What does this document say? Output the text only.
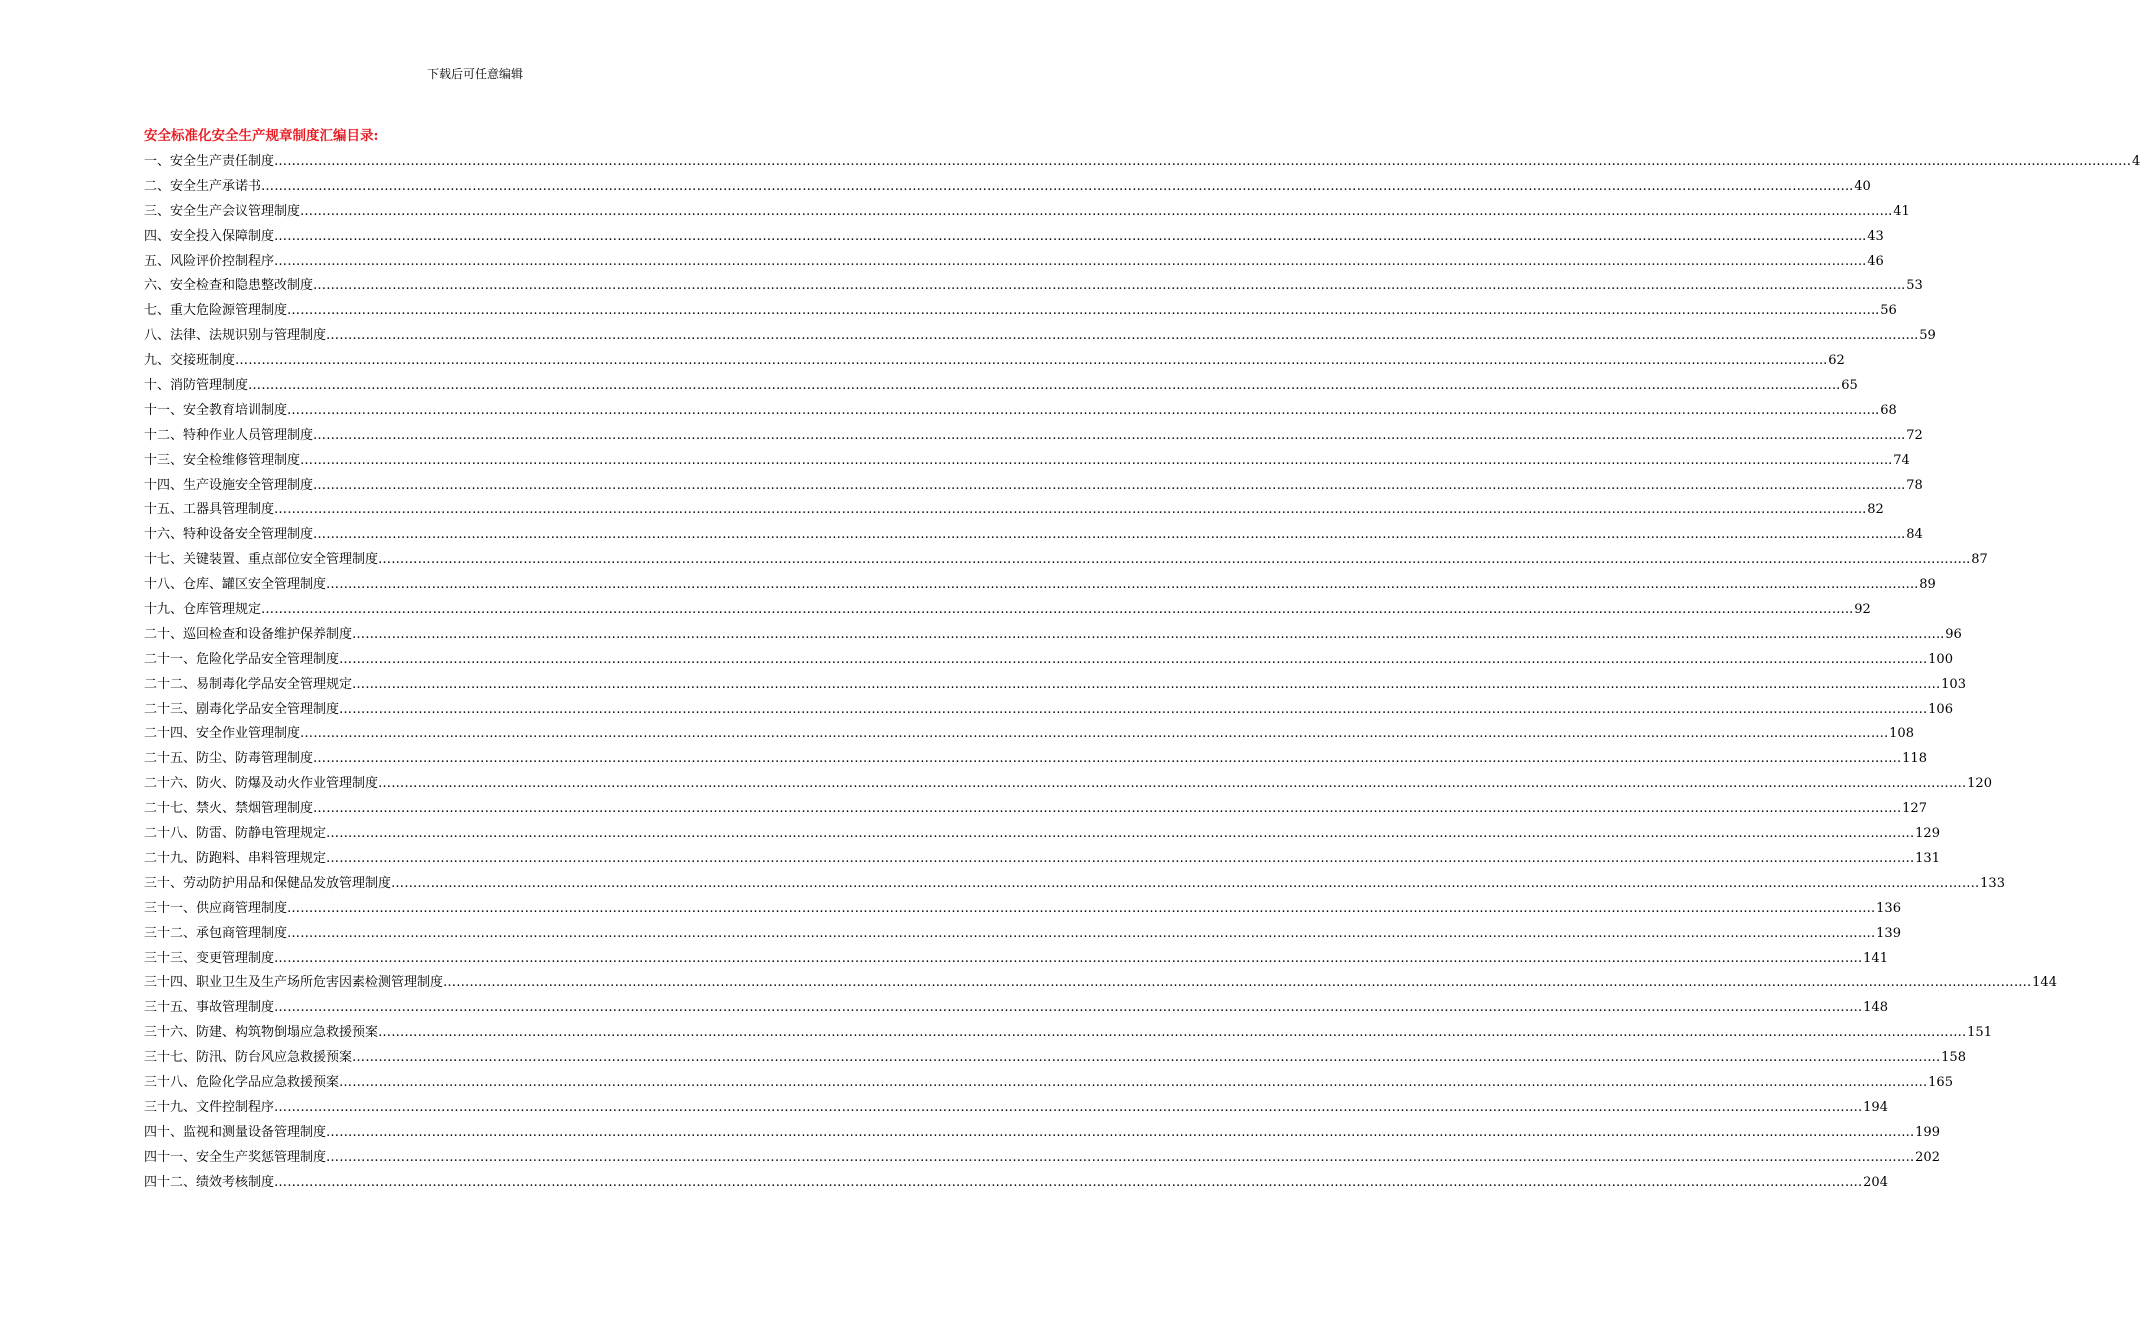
下载后可任意编辑
安全标准化安全生产规章制度汇编目录:
一、安全生产责任制度 ……………………………………………………………………………………………………………………………………………………………………………………………………………………………………………………………………………………………………………………………… ……………………………………………………… 4
二、安全生产承诺书 ……………………………………………………………………………………………………………………………………………………………………………………………………………………………………………………………………………………………………………………………… .. 40
三、安全生产会议管理制度 ……………………………………………………………………………………………………………………………………………………………………………………………………………………………………………………………………………………………………………………………… .. 41
四、安全投入保障制度 ……………………………………………………………………………………………………………………………………………………………………………………………………………………………………………………………………………………………………………………………… .. 43
五、风险评价控制程序 ……………………………………………………………………………………………………………………………………………………………………………………………………………………………………………………………………………………………………………………………… .. 46
六、安全检查和隐患整改制度 ……………………………………………………………………………………………………………………………………………………………………………………………………………………………………………………………………………………………………………………………… .. 53
七、重大危险源管理制度 ……………………………………………………………………………………………………………………………………………………………………………………………………………………………………………………………………………………………………………………………… .. 56
八、法律、法规识别与管理制度 ……………………………………………………………………………………………………………………………………………………………………………………………………………………………………………………………………………………………………………………………… .. 59
九、交接班制度 ……………………………………………………………………………………………………………………………………………………………………………………………………………………………………………………………………………………………………………………………… .. 62
十、消防管理制度 ……………………………………………………………………………………………………………………………………………………………………………………………………………………………………………………………………………………………………………………………… .. 65
十一、安全教育培训制度 ……………………………………………………………………………………………………………………………………………………………………………………………………………………………………………………………………………………………………………………………… .. 68
十二、特种作业人员管理制度 ……………………………………………………………………………………………………………………………………………………………………………………………………………………………………………………………………………………………………………………………… .. 72
十三、安全检维修管理制度 ……………………………………………………………………………………………………………………………………………………………………………………………………………………………………………………………………………………………………………………………… .. 74
十四、生产设施安全管理制度 ……………………………………………………………………………………………………………………………………………………………………………………………………………………………………………………………………………………………………………………………… .. 78
十五、工器具管理制度 ……………………………………………………………………………………………………………………………………………………………………………………………………………………………………………………………………………………………………………………………… .. 82
十六、特种设备安全管理制度 ……………………………………………………………………………………………………………………………………………………………………………………………………………………………………………………………………………………………………………………………… .. 84
十七、关键装置、重点部位安全管理制度 ……………………………………………………………………………………………………………………………………………………………………………………………………………………………………………………………………………………………………………………………… .. 87
十八、仓库、罐区安全管理制度 ……………………………………………………………………………………………………………………………………………………………………………………………………………………………………………………………………………………………………………………………… .. 89
十九、仓库管理规定 ……………………………………………………………………………………………………………………………………………………………………………………………………………………………………………………………………………………………………………………………… .. 92
二十、巡回检查和设备维护保养制度 ……………………………………………………………………………………………………………………………………………………………………………………………………………………………………………………………………………………………………………………………… .. 96
二十一、危险化学品安全管理制度 ……………………………………………………………………………………………………………………………………………………………………………………………………………………………………………………………………………………………………………………………… . 100
二十二、易制毒化学品安全管理规定 ……………………………………………………………………………………………………………………………………………………………………………………………………………………………………………………………………………………………………………………………… . 103
二十三、剧毒化学品安全管理制度 ……………………………………………………………………………………………………………………………………………………………………………………………………………………………………………………………………………………………………………………………… . 106
二十四、安全作业管理制度 ……………………………………………………………………………………………………………………………………………………………………………………………………………………………………………………………………………………………………………………………… . 108
二十五、防尘、防毒管理制度 ……………………………………………………………………………………………………………………………………………………………………………………………………………………………………………………………………………………………………………………………… . 118
二十六、防火、防爆及动火作业管理制度 ……………………………………………………………………………………………………………………………………………………………………………………………………………………………………………………………………………………………………………………………… . 120
二十七、禁火、禁烟管理制度 ……………………………………………………………………………………………………………………………………………………………………………………………………………………………………………………………………………………………………………………………… . 127
二十八、防雷、防静电管理规定 ……………………………………………………………………………………………………………………………………………………………………………………………………………………………………………………………………………………………………………………………… . 129
二十九、防跑料、串料管理规定 ……………………………………………………………………………………………………………………………………………………………………………………………………………………………………………………………………………………………………………………………… . 131
三十、劳动防护用品和保健品发放管理制度 ……………………………………………………………………………………………………………………………………………………………………………………………………………………………………………………………………………………………………………………………… . 133
三十一、供应商管理制度 ……………………………………………………………………………………………………………………………………………………………………………………………………………………………………………………………………………………………………………………………… . 136
三十二、承包商管理制度 ……………………………………………………………………………………………………………………………………………………………………………………………………………………………………………………………………………………………………………………………… . 139
三十三、变更管理制度 ……………………………………………………………………………………………………………………………………………………………………………………………………………………………………………………………………………………………………………………………… . 141
三十四、职业卫生及生产场所危害因素检测管理制度 ……………………………………………………………………………………………………………………………………………………………………………………………………………………………………………………………………………………………………………………………… . 144
三十五、事故管理制度 ……………………………………………………………………………………………………………………………………………………………………………………………………………………………………………………………………………………………………………………………… . 148
三十六、防建、构筑物倒塌应急救援预案 ……………………………………………………………………………………………………………………………………………………………………………………………………………………………………………………………………………………………………………………………… . 151
三十七、防汛、防台风应急救援预案 ……………………………………………………………………………………………………………………………………………………………………………………………………………………………………………………………………………………………………………………………… . 158
三十八、危险化学品应急救援预案 ……………………………………………………………………………………………………………………………………………………………………………………………………………………………………………………………………………………………………………………………… . 165
三十九、文件控制程序 ……………………………………………………………………………………………………………………………………………………………………………………………………………………………………………………………………………………………………………………………… . 194
四十、监视和测量设备管理制度 ……………………………………………………………………………………………………………………………………………………………………………………………………………………………………………………………………………………………………………………………… . 199
四十一、安全生产奖惩管理制度 ……………………………………………………………………………………………………………………………………………………………………………………………………………………………………………………………………………………………………………………………… . 202
四十二、绩效考核制度 ……………………………………………………………………………………………………………………………………………………………………………………………………………………………………………………………………………………………………………………………… . 204
